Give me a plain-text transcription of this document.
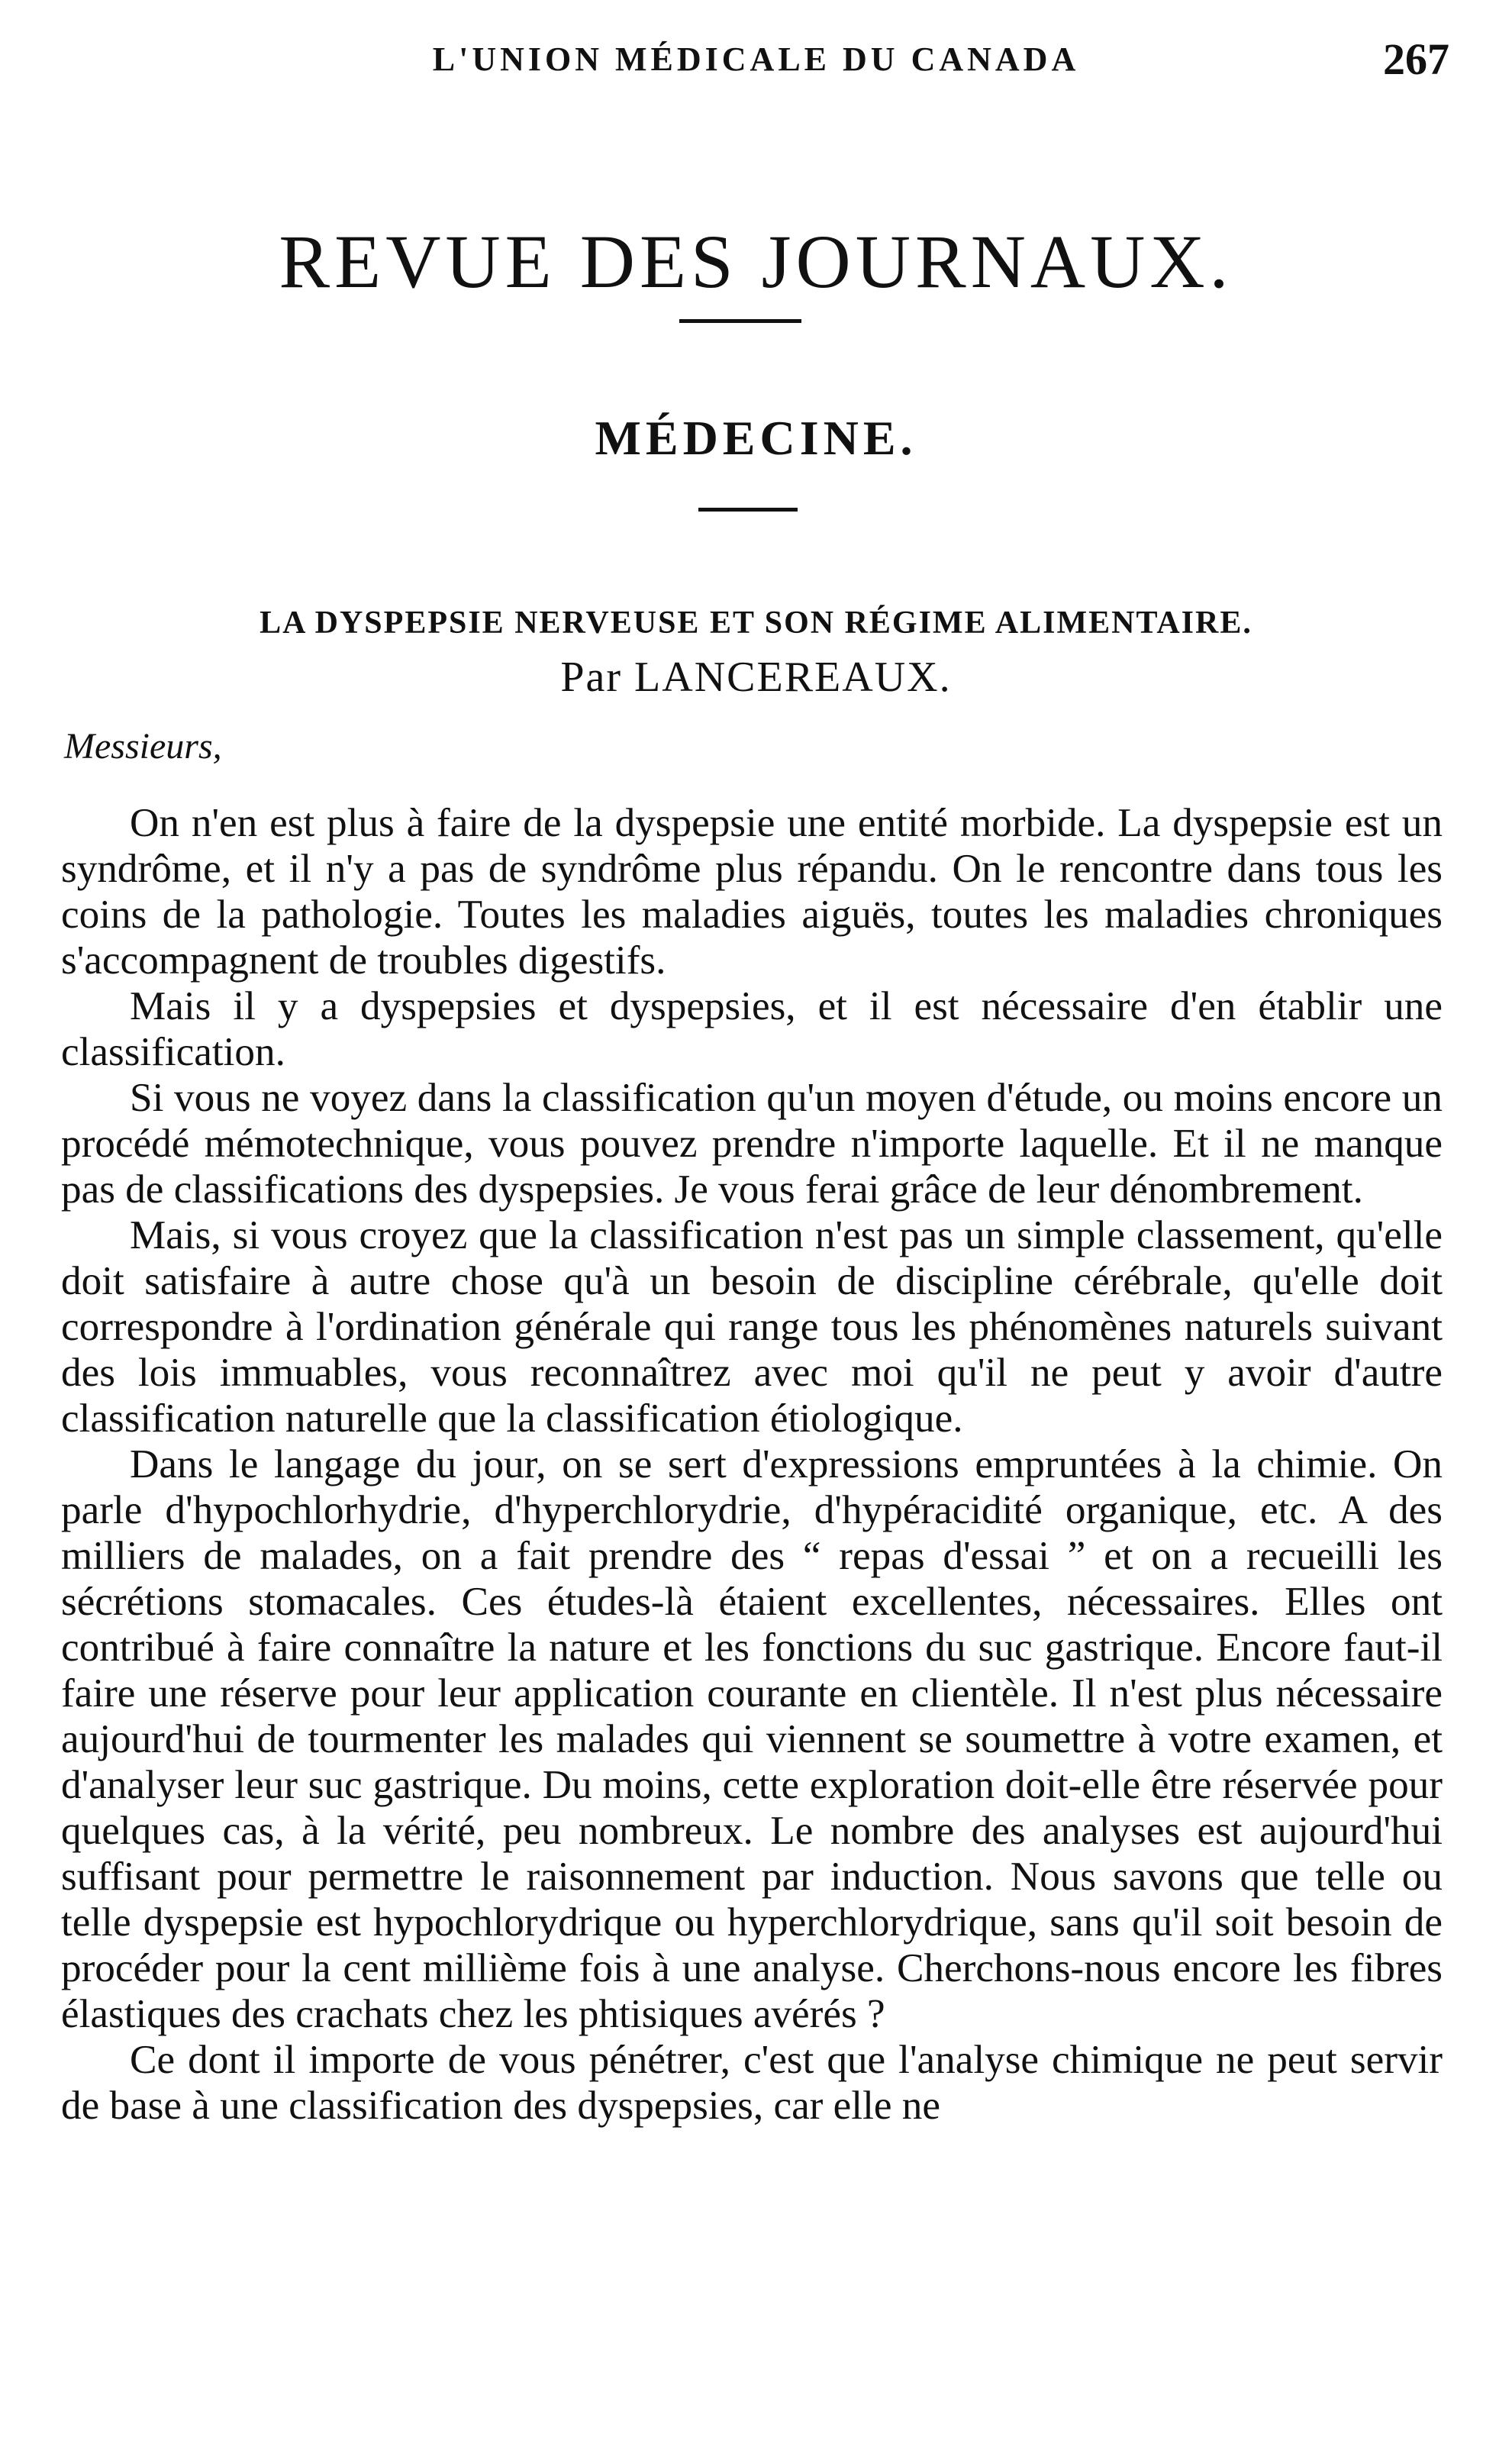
L'UNION MÉDICALE DU CANADA	267
REVUE DES JOURNAUX.
MÉDECINE.
LA DYSPEPSIE NERVEUSE ET SON RÉGIME ALIMENTAIRE.
Par LANCEREAUX.
Messieurs,

On n'en est plus à faire de la dyspepsie une entité morbide. La dyspepsie est un syndrôme, et il n'y a pas de syndrôme plus répandu. On le rencontre dans tous les coins de la pathologie. Toutes les maladies aiguës, toutes les maladies chroniques s'accompagnent de troubles digestifs.

Mais il y a dyspepsies et dyspepsies, et il est nécessaire d'en établir une classification.

Si vous ne voyez dans la classification qu'un moyen d'étude, ou moins encore un procédé mémotechnique, vous pouvez prendre n'importe laquelle. Et il ne manque pas de classifications des dyspepsies. Je vous ferai grâce de leur dénombrement.

Mais, si vous croyez que la classification n'est pas un simple classement, qu'elle doit satisfaire à autre chose qu'à un besoin de discipline cérébrale, qu'elle doit correspondre à l'ordination générale qui range tous les phénomènes naturels suivant des lois immuables, vous reconnaîtrez avec moi qu'il ne peut y avoir d'autre classification naturelle que la classification étiologique.

Dans le langage du jour, on se sert d'expressions empruntées à la chimie. On parle d'hypochlorhydrie, d'hyperchlorydrie, d'hypéracidité organique, etc. A des milliers de malades, on a fait prendre des “ repas d'essai ” et on a recueilli les sécrétions stomacales. Ces études-là étaient excellentes, nécessaires. Elles ont contribué à faire connaître la nature et les fonctions du suc gastrique. Encore faut-il faire une réserve pour leur application courante en clientèle. Il n'est plus nécessaire aujourd'hui de tourmenter les malades qui viennent se soumettre à votre examen, et d'analyser leur suc gastrique. Du moins, cette exploration doit-elle être réservée pour quelques cas, à la vérité, peu nombreux. Le nombre des analyses est aujourd'hui suffisant pour permettre le raisonnement par induction. Nous savons que telle ou telle dyspepsie est hypochlorydrique ou hyperchlorydrique, sans qu'il soit besoin de procéder pour la cent millième fois à une analyse. Cherchons-nous encore les fibres élastiques des crachats chez les phtisiques avérés ?

Ce dont il importe de vous pénétrer, c'est que l'analyse chimique ne peut servir de base à une classification des dyspepsies, car elle ne
